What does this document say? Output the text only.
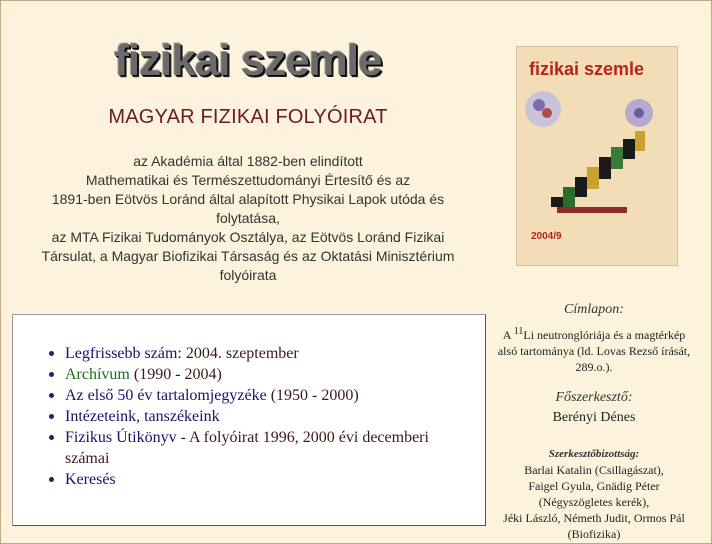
fizikai szemle
MAGYAR FIZIKAI FOLYÓIRAT
az Akadémia által 1882-ben elindított
Mathematikai és Természettudományi Értesítő és az
1891-ben Eötvös Loránd által alapított Physikai Lapok utóda és
folytatása,
az MTA Fizikai Tudományok Osztálya, az Eötvös Loránd Fizikai
Társulat, a Magyar Biofizikai Társaság és az Oktatási Minisztérium
folyóirata
fizikai szemle
2004/9
Legfrissebb szám: 2004. szeptember
Archívum (1990 - 2004)
Az első 50 év tartalomjegyzéke (1950 - 2000)
Intézeteink, tanszékeink
Fizikus Útikönyv - A folyóirat 1996, 2000 évi decemberi számai
Keresés
Címlapon:
A $^{11}$Li neutronglóriája és a magtérkép alsó tartománya (ld. Lovas Rezső írását, 289.o.).
Főszerkesztő:
Berényi Dénes
Szerkesztőbizottság:
Barlai Katalin (Csillagászat),
Faigel Gyula, Gnädig Péter
(Négyszögletes kerék),
Jéki László, Németh Judit, Ormos Pál
(Biofizika)
